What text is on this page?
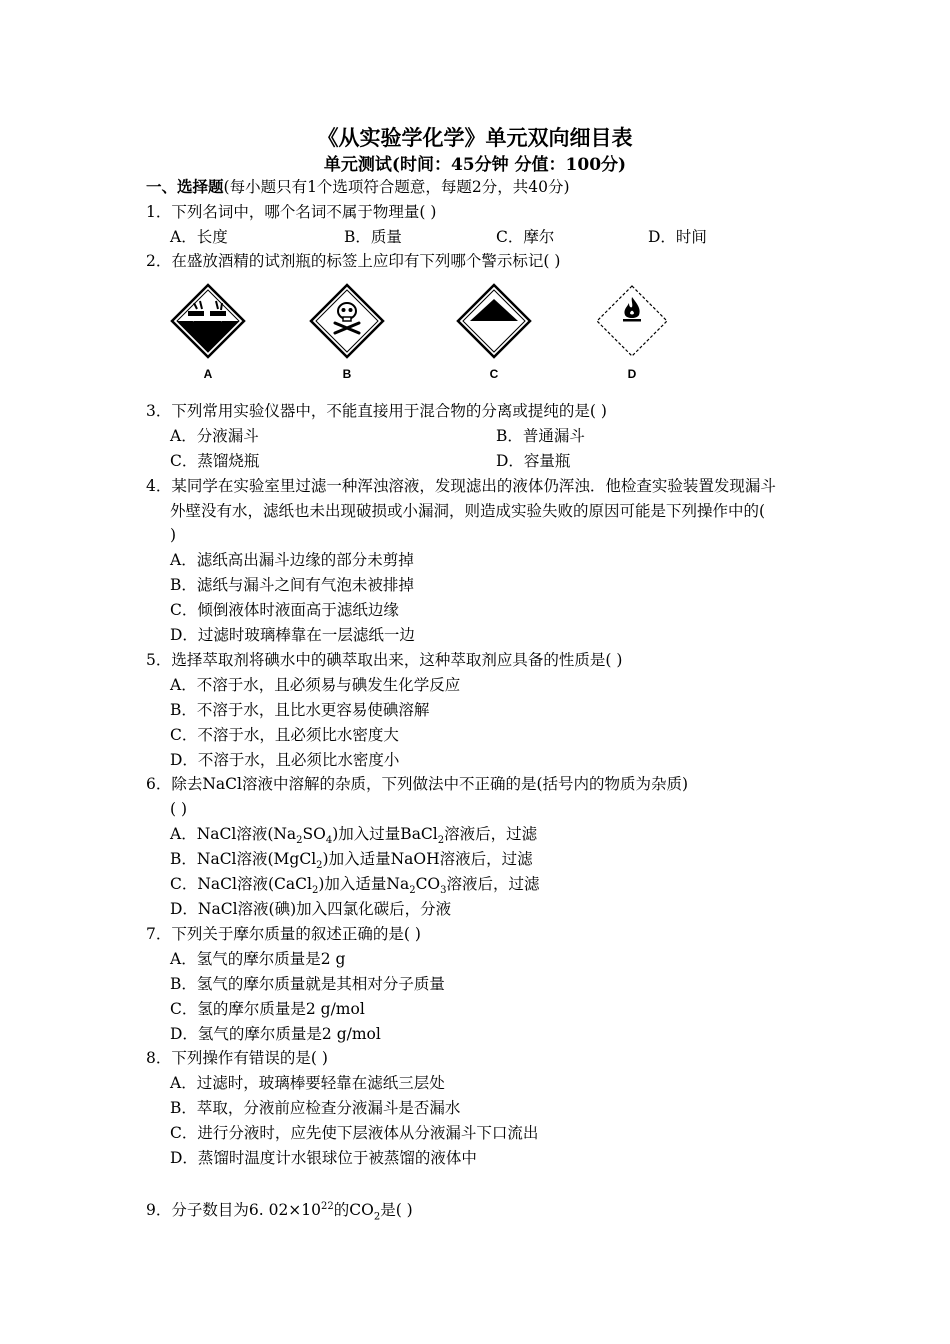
《从实验学化学》单元双向细目表
单元测试(时间：45分钟 分值：100分)
一、选择题(每小题只有1个选项符合题意，每题2分，共40分)
1．下列名词中，哪个名词不属于物理量( )
A．长度	B．质量	C．摩尔	D．时间
2．在盛放酒精的试剂瓶的标签上应印有下列哪个警示标记( )
A	B	C	D
3．下列常用实验仪器中，不能直接用于混合物的分离或提纯的是( )
A．分液漏斗	B．普通漏斗
C．蒸馏烧瓶	D．容量瓶
4．某同学在实验室里过滤一种浑浊溶液，发现滤出的液体仍浑浊．他检查实验装置发现漏斗
外壁没有水，滤纸也未出现破损或小漏洞，则造成实验失败的原因可能是下列操作中的(
)
A．滤纸高出漏斗边缘的部分未剪掉
B．滤纸与漏斗之间有气泡未被排掉
C．倾倒液体时液面高于滤纸边缘
D．过滤时玻璃棒靠在一层滤纸一边
5．选择萃取剂将碘水中的碘萃取出来，这种萃取剂应具备的性质是( )
A．不溶于水，且必须易与碘发生化学反应
B．不溶于水，且比水更容易使碘溶解
C．不溶于水，且必须比水密度大
D．不溶于水，且必须比水密度小
6．除去NaCl溶液中溶解的杂质，下列做法中不正确的是(括号内的物质为杂质)
( )
A．NaCl溶液$(Na_2SO_4)$加入过量BaCl$_2$溶液后，过滤
B．NaCl溶液(MgCl$_2$)加入适量NaOH溶液后，过滤
C．NaCl溶液(CaCl$_2$)加入适量$Na_2CO_3$溶液后，过滤
D．NaCl溶液(碘)加入四氯化碳后，分液
7．下列关于摩尔质量的叙述正确的是( )
A．氢气的摩尔质量是2 g
B．氢气的摩尔质量就是其相对分子质量
C．氢的摩尔质量是2 g/mol
D．氢气的摩尔质量是2 g/mol
8．下列操作有错误的是( )
A．过滤时，玻璃棒要轻靠在滤纸三层处
B．萃取，分液前应检查分液漏斗是否漏水
C．进行分液时，应先使下层液体从分液漏斗下口流出
D．蒸馏时温度计水银球位于被蒸馏的液体中
9．分子数目为6. $02\times 10^{22}$的$CO_2$是( )
